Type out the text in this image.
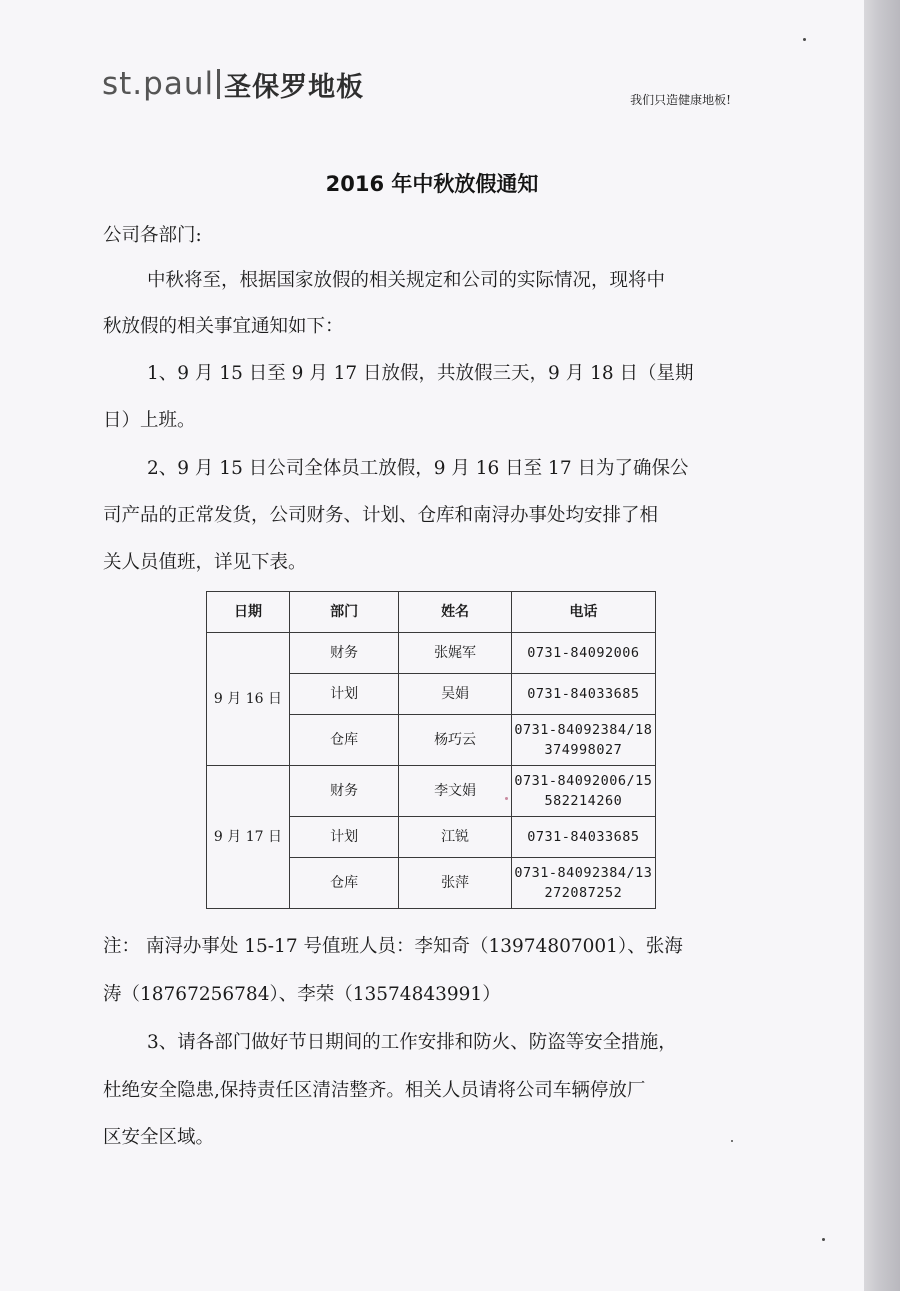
st.paul 圣保罗地板	我们只造健康地板!
2016 年中秋放假通知
公司各部门:
中秋将至，根据国家放假的相关规定和公司的实际情况，现将中
秋放假的相关事宜通知如下：
1、9 月 15 日至 9 月 17 日放假，共放假三天，9 月 18 日（星期
日）上班。
2、9 月 15 日公司全体员工放假，9 月 16 日至 17 日为了确保公
司产品的正常发货，公司财务、计划、仓库和南浔办事处均安排了相
关人员值班，详见下表。
日期	部门	姓名	电话
9 月 16 日	财务	张娓军	0731-84092006

	计划	吴娟	0731-84033685

	仓库	杨巧云	0731-84092384/18
374998027

9 月 17 日	财务	李文娟	0731-84092006/15
582214260

	计划	江锐	0731-84033685

	仓库	张萍	0731-84092384/13
272087252
注： 南浔办事处 15-17 号值班人员：李知奇（13974807001）、张海
涛（18767256784）、李荣（13574843991）
3、请各部门做好节日期间的工作安排和防火、防盗等安全措施，
杜绝安全隐患,保持责任区清洁整齐。相关人员请将公司车辆停放厂
区安全区域。
